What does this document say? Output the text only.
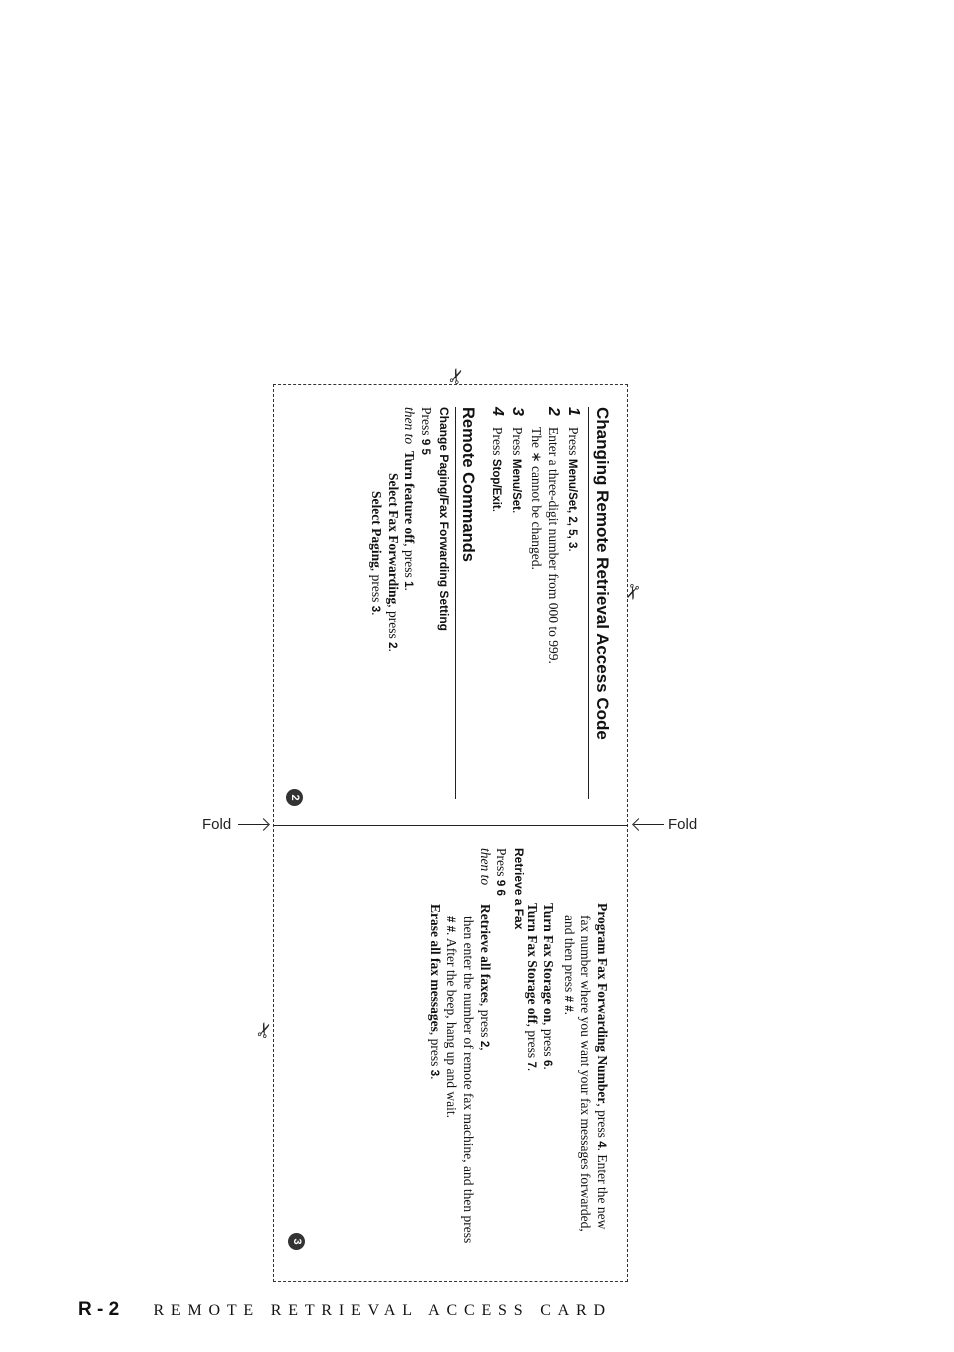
Fold	Fold
✂
✂
✂
Changing Remote Retrieval Access Code
1
Press Menu/Set, 2, 5, 3.
2
Enter a three-digit number from 000 to 999.

The ∗ cannot be changed.

3
Press Menu/Set.
4
Press Stop/Exit.
Remote Commands
Change Paging/Fax Forwarding Setting

Press 9 5

then to

Turn feature off, press 1.

Select Fax Forwarding, press 2.

Select Paging, press 3.

2
Retrieve a Fax

Press 9 6

then to

Retrieve all faxes, press 2,

then enter the number of remote fax machine, and then press

# #. After the beep, hang up and wait.

Erase all fax messages, press 3.	Program Fax Forwarding Number, press 4. Enter the new

fax number where you want your fax messages forwarded,

and then press # #.

Turn Fax Storage on, press 6.

Turn Fax Storage off, press 7.

3
R - 2 REMOTE RETRIEVAL ACCESS CARD
